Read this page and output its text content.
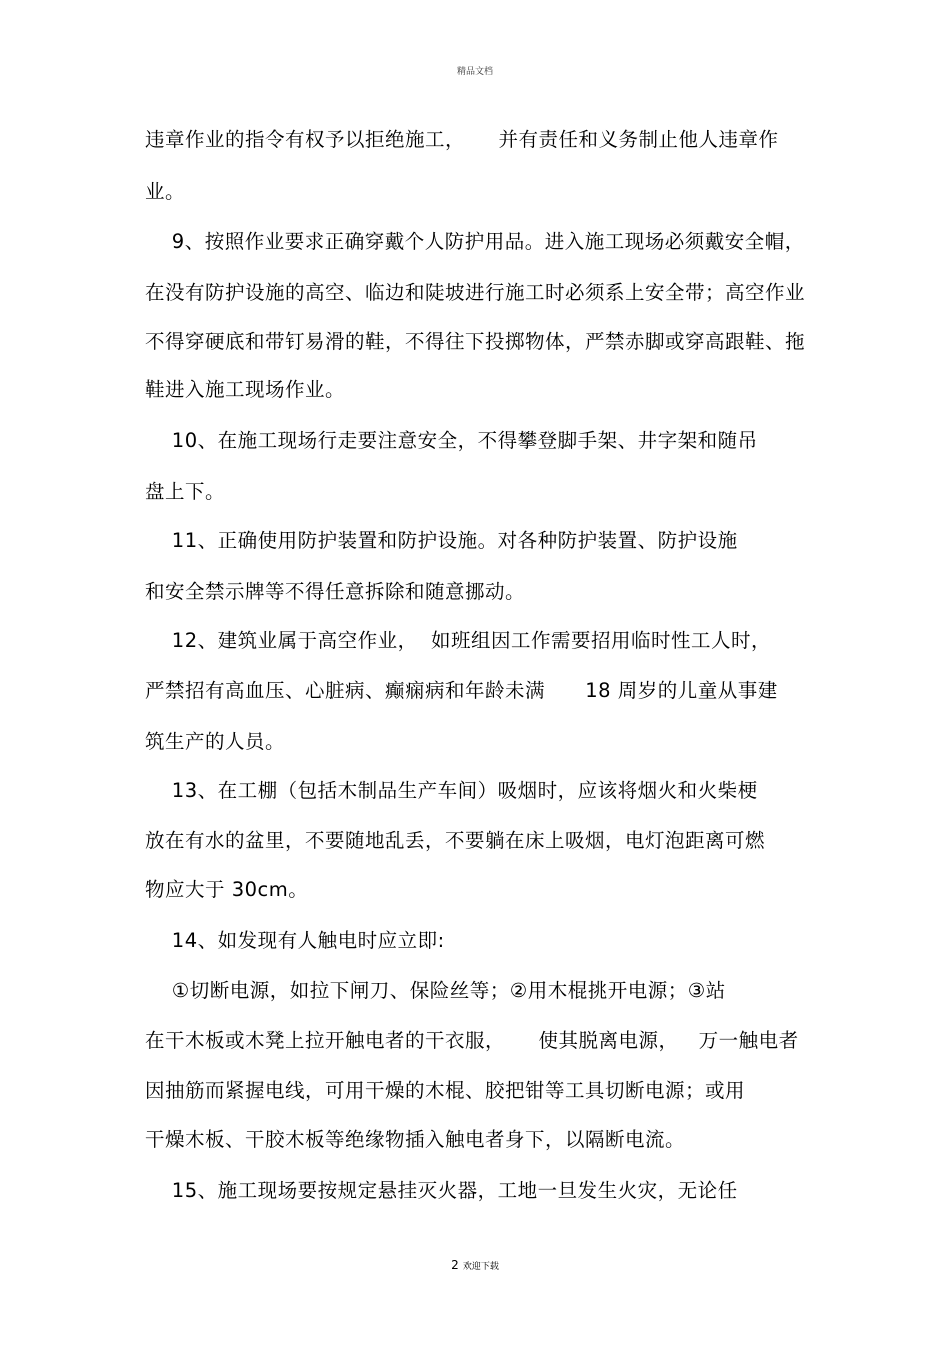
精品文档
违章作业的指令有权予以拒绝施工，     并有责任和义务制止他人违章作
业。
9、按照作业要求正确穿戴个人防护用品。进入施工现场必须戴安全帽，
在没有防护设施的高空、临边和陡坡进行施工时必须系上安全带；高空作业
不得穿硬底和带钉易滑的鞋，不得往下投掷物体，严禁赤脚或穿高跟鞋、拖
鞋进入施工现场作业。
10、在施工现场行走要注意安全，不得攀登脚手架、井字架和随吊
盘上下。
11、正确使用防护装置和防护设施。对各种防护装置、防护设施
和安全禁示牌等不得任意拆除和随意挪动。
12、建筑业属于高空作业，  如班组因工作需要招用临时性工人时，
严禁招有高血压、心脏病、癫痫病和年龄未满      18 周岁的儿童从事建
筑生产的人员。
13、在工棚（包括木制品生产车间）吸烟时，应该将烟火和火柴梗
放在有水的盆里，不要随地乱丢，不要躺在床上吸烟，电灯泡距离可燃
物应大于 30cm。
14、如发现有人触电时应立即:
①切断电源，如拉下闸刀、保险丝等；②用木棍挑开电源；③站
在干木板或木凳上拉开触电者的干衣服，     使其脱离电源，   万一触电者
因抽筋而紧握电线，可用干燥的木棍、胶把钳等工具切断电源；或用
干燥木板、干胶木板等绝缘物插入触电者身下，以隔断电流。
15、施工现场要按规定悬挂灭火器，工地一旦发生火灾，无论任
2 欢迎下载
